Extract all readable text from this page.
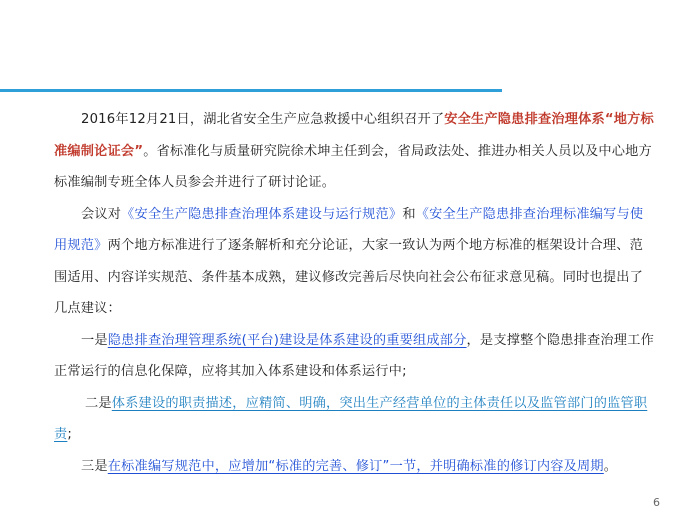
2016年12月21日，湖北省安全生产应急救援中心组织召开了安全生产隐患排查治理体系“地方标准编制论证会”。省标准化与质量研究院徐术坤主任到会，省局政法处、推进办相关人员以及中心地方标准编制专班全体人员参会并进行了研讨论证。

会议对《安全生产隐患排查治理体系建设与运行规范》和《安全生产隐患排查治理标准编写与使用规范》两个地方标准进行了逐条解析和充分论证，大家一致认为两个地方标准的框架设计合理、范围适用、内容详实规范、条件基本成熟，建议修改完善后尽快向社会公布征求意见稿。同时也提出了几点建议：

一是隐患排查治理管理系统(平台)建设是体系建设的重要组成部分，是支撑整个隐患排查治理工作正常运行的信息化保障，应将其加入体系建设和体系运行中;

二是体系建设的职责描述，应精简、明确，突出生产经营单位的主体责任以及监管部门的监管职责;

三是在标准编写规范中，应增加“标准的完善、修订”一节，并明确标准的修订内容及周期。

6
